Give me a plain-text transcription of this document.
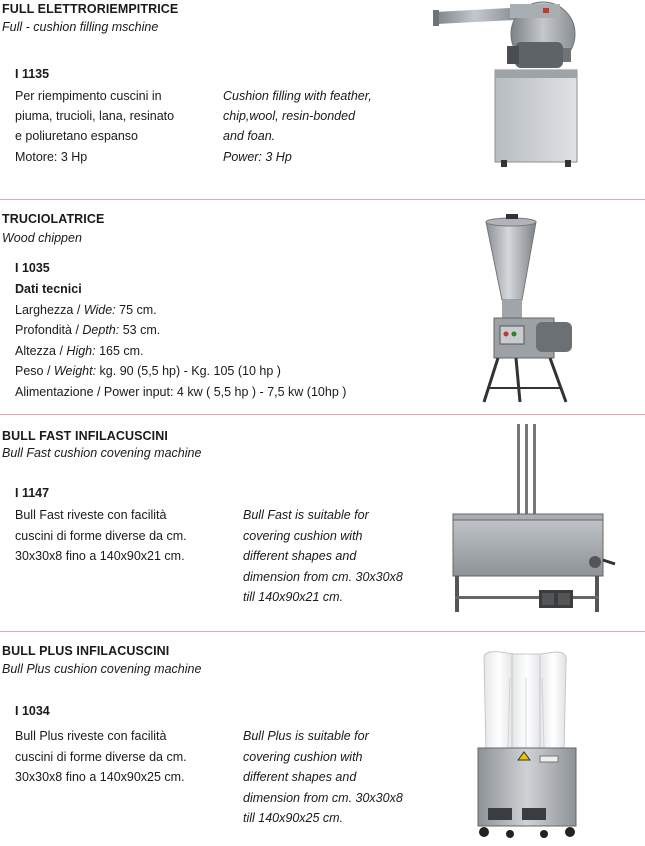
FULL ELETTRORIEMPITRICE
Full - cushion filling mschine
I 1135
Per riempimento cuscini in
piuma, trucioli, lana, resinato
e poliuretano espanso
Motore: 3 Hp
Cushion filling with feather,
chip,wool, resin-bonded
and foan.
Power: 3 Hp
TRUCIOLATRICE
Wood chippen
I 1035
Dati tecnici
Larghezza / Wide: 75 cm.
Profondità / Depth: 53 cm.
Altezza / High: 165 cm.
Peso / Weight: kg. 90 (5,5 hp) - Kg. 105 (10 hp )
Alimentazione / Power input: 4 kw ( 5,5 hp ) - 7,5 kw (10hp )
BULL FAST INFILACUSCINI
Bull Fast cushion covening machine
I 1147
Bull Fast riveste con facilità
cuscini di forme diverse da cm.
30x30x8 fino a 140x90x21 cm.
Bull Fast is suitable for
covering cushion with
different shapes and
dimension from cm. 30x30x8
till 140x90x21 cm.
BULL PLUS INFILACUSCINI
Bull Plus cushion covening machine
I 1034
Bull Plus riveste con facilità
cuscini di forme diverse da cm.
30x30x8 fino a 140x90x25 cm.
Bull Plus is suitable for
covering cushion with
different shapes and
dimension from cm. 30x30x8
till 140x90x25 cm.
